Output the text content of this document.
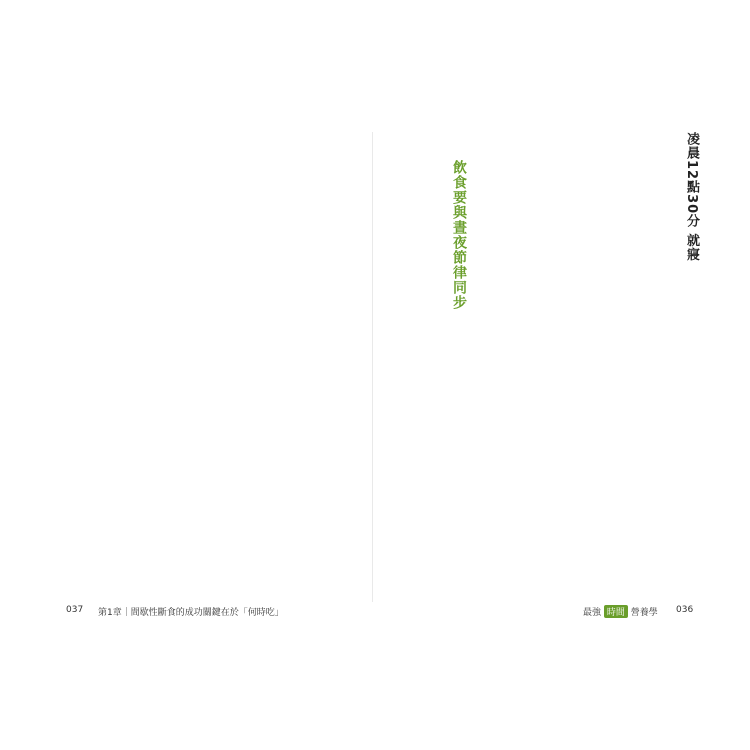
凌晨12點30分 就寢
飲食要與晝夜節律同步
037 第1章｜間歇性斷食的成功關鍵在於「何時吃」	最強 時間 營養學 036
